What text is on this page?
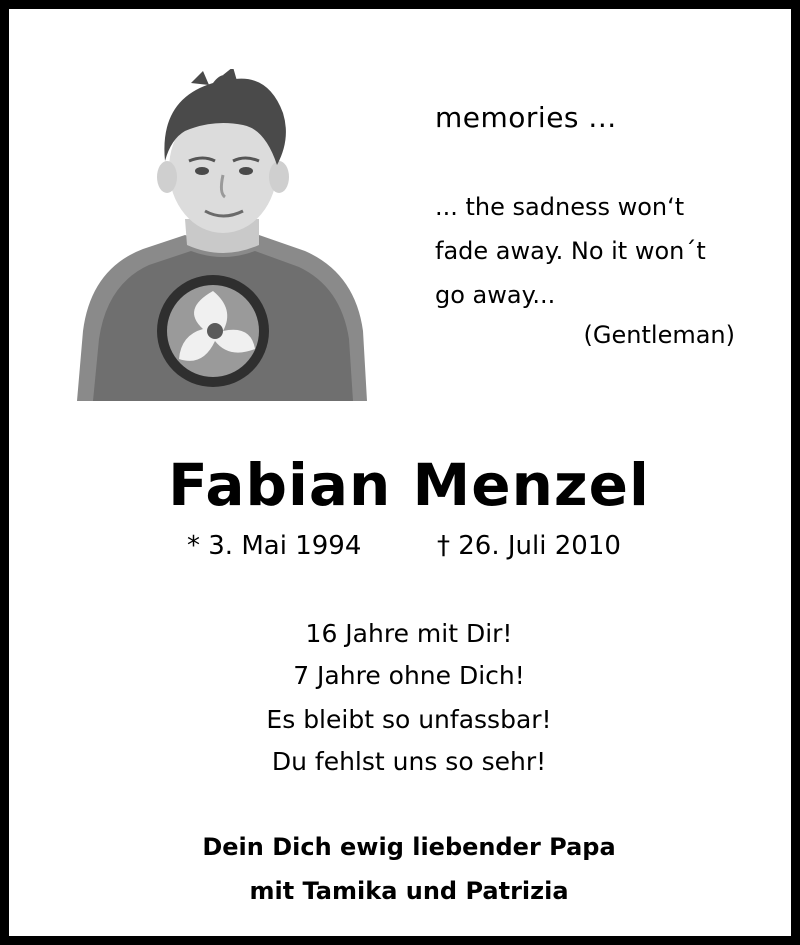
memories ...
... the sadness won‘t
fade away. No it won´t
go away...
(Gentleman)
Fabian Menzel
* 3. Mai 1994	† 26. Juli 2010
16 Jahre mit Dir!
7 Jahre ohne Dich!
Es bleibt so unfassbar!
Du fehlst uns so sehr!
Dein Dich ewig liebender Papa
mit Tamika und Patrizia
